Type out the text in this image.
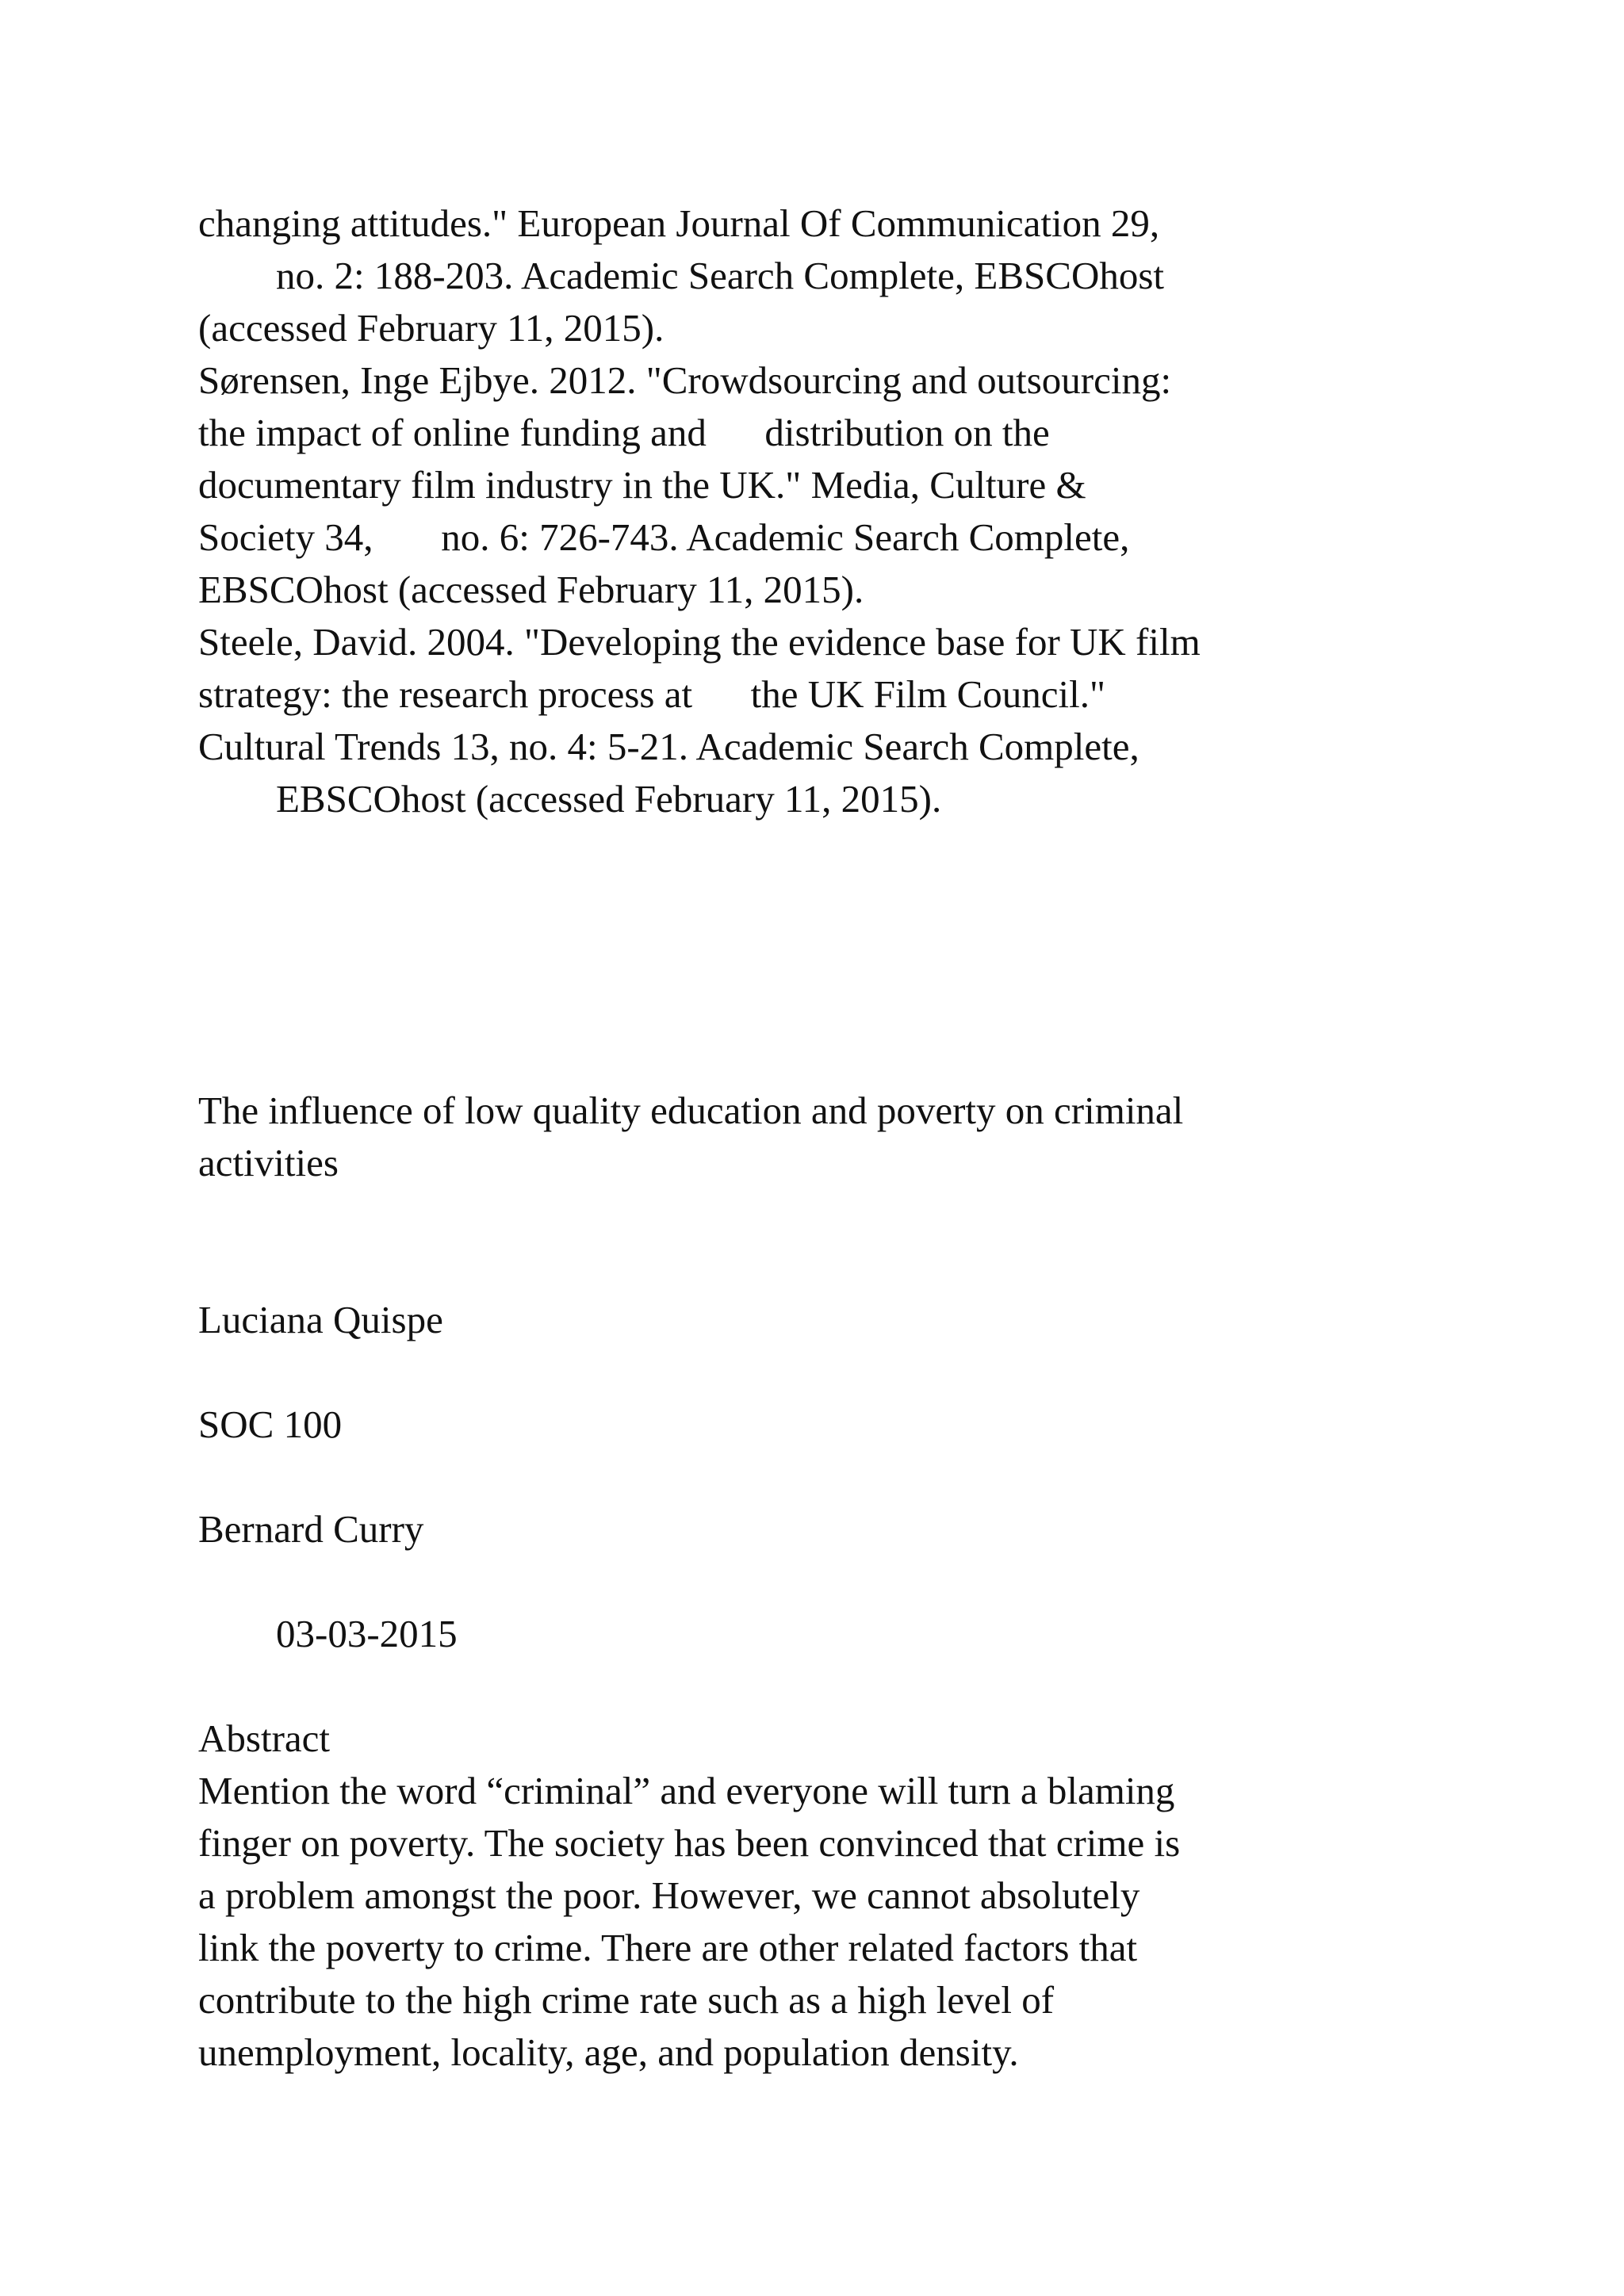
changing attitudes." European Journal Of Communication 29,

no. 2: 188-203. Academic Search Complete, EBSCOhost

(accessed February 11, 2015).

Sørensen, Inge Ejbye. 2012. "Crowdsourcing and outsourcing:

the impact of online funding and      distribution on the

documentary film industry in the UK." Media, Culture &

Society 34,       no. 6: 726-743. Academic Search Complete,

EBSCOhost (accessed February 11, 2015).

Steele, David. 2004. "Developing the evidence base for UK film

strategy: the research process at      the UK Film Council."

Cultural Trends 13, no. 4: 5-21. Academic Search Complete,

EBSCOhost (accessed February 11, 2015).

The influence of low quality education and poverty on criminal

activities

Luciana Quispe

SOC 100

Bernard Curry

03-03-2015

Abstract

Mention the word “criminal” and everyone will turn a blaming

finger on poverty. The society has been convinced that crime is

a problem amongst the poor. However, we cannot absolutely

link the poverty to crime. There are other related factors that

contribute to the high crime rate such as a high level of

unemployment, locality, age, and population density.
